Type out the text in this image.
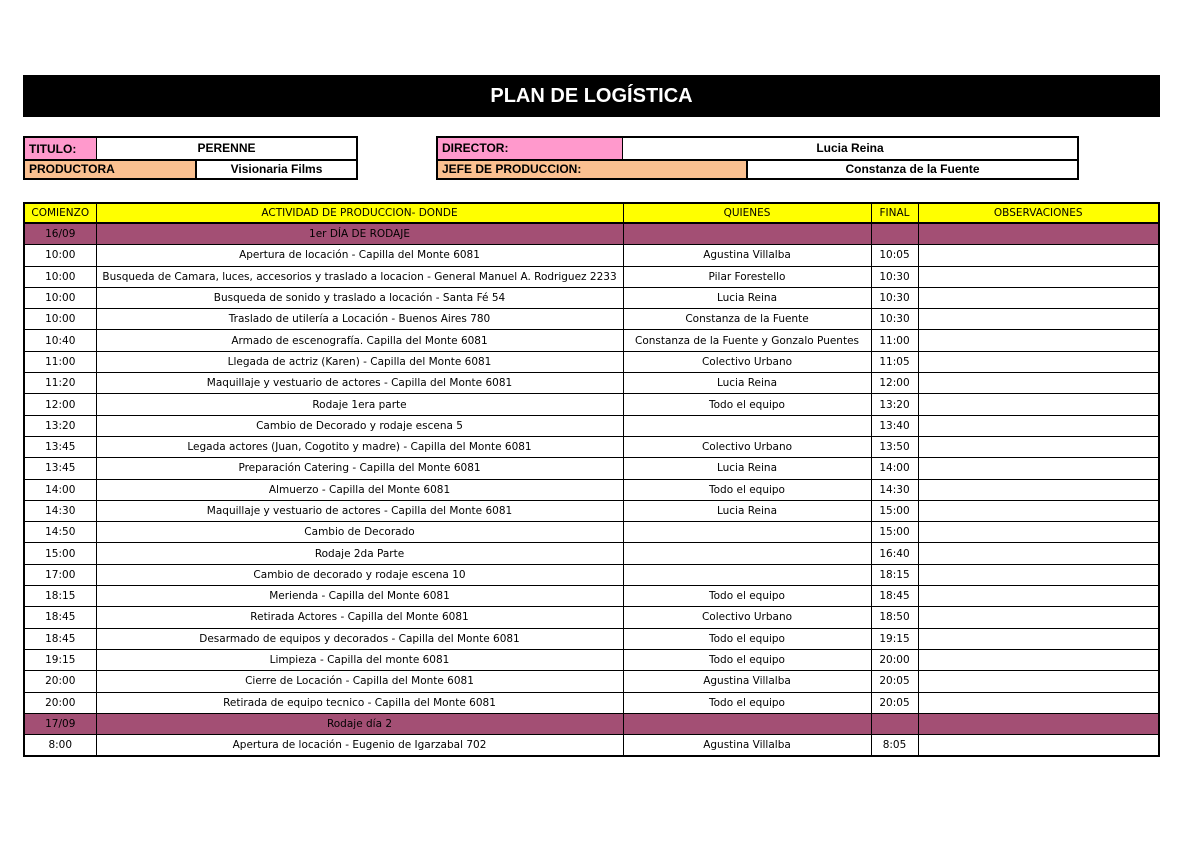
PLAN DE LOGÍSTICA
TITULO:	PERENNE
PRODUCTORA	Visionaria Films
DIRECTOR:	Lucia Reina
JEFE DE PRODUCCION:	Constanza de la Fuente
COMIENZO	ACTIVIDAD DE PRODUCCION- DONDE	QUIENES	FINAL	OBSERVACIONES
16/09	1er DÍA DE RODAJE			
10:00	Apertura de locación - Capilla del Monte 6081	Agustina Villalba	10:05	
10:00	Busqueda de Camara, luces, accesorios y traslado a locacion - General Manuel A. Rodriguez 2233	Pilar Forestello	10:30	
10:00	Busqueda de sonido y traslado a locación - Santa Fé 54	Lucia Reina	10:30	
10:00	Traslado de utilería a Locación - Buenos Aires 780	Constanza de la Fuente	10:30	
10:40	Armado de escenografía. Capilla del Monte 6081	Constanza de la Fuente y Gonzalo Puentes	11:00	
11:00	Llegada de actriz (Karen) - Capilla del Monte 6081	Colectivo Urbano	11:05	
11:20	Maquillaje y vestuario de actores - Capilla del Monte 6081	Lucia Reina	12:00	
12:00	Rodaje 1era parte	Todo el equipo	13:20	
13:20	Cambio de Decorado y rodaje escena 5		13:40	
13:45	Legada actores (Juan, Cogotito y madre) - Capilla del Monte 6081	Colectivo Urbano	13:50	
13:45	Preparación Catering - Capilla del Monte 6081	Lucia Reina	14:00	
14:00	Almuerzo - Capilla del Monte 6081	Todo el equipo	14:30	
14:30	Maquillaje y vestuario de actores - Capilla del Monte 6081	Lucia Reina	15:00	
14:50	Cambio de Decorado		15:00	
15:00	Rodaje 2da Parte		16:40	
17:00	Cambio de decorado y rodaje escena 10		18:15	
18:15	Merienda - Capilla del Monte 6081	Todo el equipo	18:45	
18:45	Retirada Actores - Capilla del Monte 6081	Colectivo Urbano	18:50	
18:45	Desarmado de equipos y decorados - Capilla del Monte 6081	Todo el equipo	19:15	
19:15	Limpieza - Capilla del monte 6081	Todo el equipo	20:00	
20:00	Cierre de Locación - Capilla del Monte 6081	Agustina Villalba	20:05	
20:00	Retirada de equipo tecnico - Capilla del Monte 6081	Todo el equipo	20:05	
17/09	Rodaje día 2			
8:00	Apertura de locación - Eugenio de Igarzabal 702	Agustina Villalba	8:05	
